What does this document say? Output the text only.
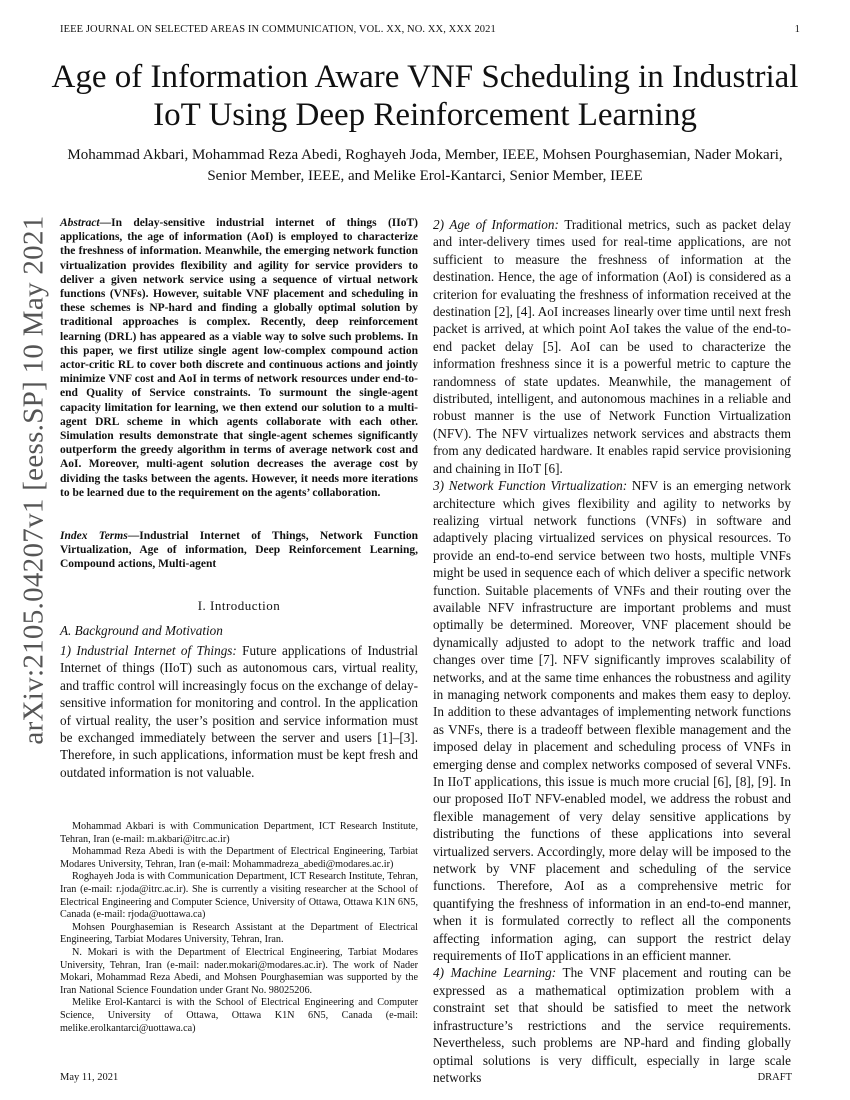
IEEE JOURNAL ON SELECTED AREAS IN COMMUNICATION, VOL. XX, NO. XX, XXX 2021	1
arXiv:2105.04207v1 [eess.SP] 10 May 2021
Age of Information Aware VNF Scheduling in Industrial IoT Using Deep Reinforcement Learning
Mohammad Akbari, Mohammad Reza Abedi, Roghayeh Joda, Member, IEEE, Mohsen Pourghasemian, Nader Mokari, Senior Member, IEEE, and Melike Erol-Kantarci, Senior Member, IEEE

Abstract—In delay-sensitive industrial internet of things (IIoT) applications, the age of information (AoI) is employed to characterize the freshness of information. Meanwhile, the emerging network function virtualization provides flexibility and agility for service providers to deliver a given network service using a sequence of virtual network functions (VNFs). However, suitable VNF placement and scheduling in these schemes is NP-hard and finding a globally optimal solution by traditional approaches is complex. Recently, deep reinforcement learning (DRL) has appeared as a viable way to solve such problems. In this paper, we first utilize single agent low-complex compound action actor-critic RL to cover both discrete and continuous actions and jointly minimize VNF cost and AoI in terms of network resources under end-to-end Quality of Service constraints. To surmount the single-agent capacity limitation for learning, we then extend our solution to a multi-agent DRL scheme in which agents collaborate with each other. Simulation results demonstrate that single-agent schemes significantly outperform the greedy algorithm in terms of average network cost and AoI. Moreover, multi-agent solution decreases the average cost by dividing the tasks between the agents. However, it needs more iterations to be learned due to the requirement on the agents’ collaboration.

Index Terms—Industrial Internet of Things, Network Function Virtualization, Age of information, Deep Reinforcement Learning, Compound actions, Multi-agent

I. Introduction
A. Background and Motivation

1) Industrial Internet of Things: Future applications of Industrial Internet of things (IIoT) such as autonomous cars, virtual reality, and traffic control will increasingly focus on the exchange of delay-sensitive information for monitoring and control. In the application of virtual reality, the user’s position and service information must be exchanged immediately between the server and users [1]–[3]. Therefore, in such applications, information must be kept fresh and outdated information is not valuable.

Mohammad Akbari is with Communication Department, ICT Research Institute, Tehran, Iran (e-mail: m.akbari@itrc.ac.ir)

Mohammad Reza Abedi is with the Department of Electrical Engineering, Tarbiat Modares University, Tehran, Iran (e-mail: Mohammadreza_abedi@modares.ac.ir)

Roghayeh Joda is with Communication Department, ICT Research Institute, Tehran, Iran (e-mail: r.joda@itrc.ac.ir). She is currently a visiting researcher at the School of Electrical Engineering and Computer Science, University of Ottawa, Ottawa K1N 6N5, Canada (e-mail: rjoda@uottawa.ca)

Mohsen Pourghasemian is Research Assistant at the Department of Electrical Engineering, Tarbiat Modares University, Tehran, Iran.

N. Mokari is with the Department of Electrical Engineering, Tarbiat Modares University, Tehran, Iran (e-mail: nader.mokari@modares.ac.ir). The work of Nader Mokari, Mohammad Reza Abedi, and Mohsen Pourghasemian was supported by the Iran National Science Foundation under Grant No. 98025206.

Melike Erol-Kantarci is with the School of Electrical Engineering and Computer Science, University of Ottawa, Ottawa K1N 6N5, Canada (e-mail: melike.erolkantarci@uottawa.ca)

2) Age of Information: Traditional metrics, such as packet delay and inter-delivery times used for real-time applications, are not sufficient to measure the freshness of information at the destination. Hence, the age of information (AoI) is considered as a criterion for evaluating the freshness of information received at the destination [2], [4]. AoI increases linearly over time until next fresh packet is arrived, at which point AoI takes the value of the end-to-end packet delay [5]. AoI can be used to characterize the information freshness since it is a powerful metric to capture the randomness of state updates. Meanwhile, the management of distributed, intelligent, and autonomous machines in a reliable and robust manner is the use of Network Function Virtualization (NFV). The NFV virtualizes network services and abstracts them from any dedicated hardware. It enables rapid service provisioning and chaining in IIoT [6].

3) Network Function Virtualization: NFV is an emerging network architecture which gives flexibility and agility to networks by realizing virtual network functions (VNFs) in software and adaptively placing virtualized services on physical resources. To provide an end-to-end service between two hosts, multiple VNFs might be used in sequence each of which deliver a specific network function. Suitable placements of VNFs and their routing over the available NFV infrastructure are important problems and must optimally be determined. Moreover, VNF placement should be dynamically adjusted to adopt to the network traffic and load changes over time [7]. NFV significantly improves scalability of networks, and at the same time enhances the robustness and agility in managing network components and makes them easy to deploy. In addition to these advantages of implementing network functions as VNFs, there is a tradeoff between flexible management and the imposed delay in placement and scheduling process of VNFs in emerging dense and complex networks composed of several VNFs. In IIoT applications, this issue is much more crucial [6], [8], [9]. In our proposed IIoT NFV-enabled model, we address the robust and flexible management of very delay sensitive applications by distributing the functions of these applications into several virtualized servers. Accordingly, more delay will be imposed to the network by VNF placement and scheduling of the service functions. Therefore, AoI as a comprehensive metric for quantifying the freshness of information in an end-to-end manner, when it is formulated correctly to reflect all the components affecting information aging, can support the restrict delay requirements of IIoT applications in an efficient manner.

4) Machine Learning: The VNF placement and routing can be expressed as a mathematical optimization problem with a constraint set that should be satisfied to meet the network infrastructure’s restrictions and the service requirements. Nevertheless, such problems are NP-hard and finding globally optimal solutions is very difficult, especially in large scale networks

May 11, 2021	DRAFT
